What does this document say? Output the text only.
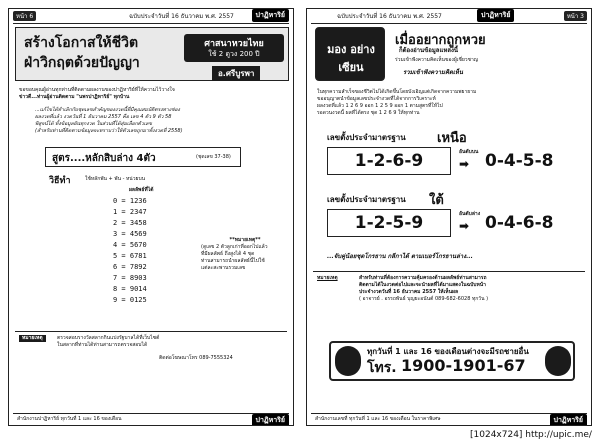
หน้า 6	ฉบับประจำวันที่ 16 ธันวาคม พ.ศ. 2557	ปาฏิหาริย์
สร้างโอกาสให้ชีวิต
ฝ่าวิกฤตด้วยปัญญา
ศาสนาหวยไทย
ใช้ 2 ดูวง 200 ปี
อ.ศรีบูรพา
ขอขอบคุณผู้อ่านทุกท่านที่ติดตามผลงานของปาฏิหาริย์ที่ให้ความไว้วางใจ
ข่าวดี...ท่านผู้อ่านติดตาม "นพรปาฏิหาริย์" ทุกบ้าน
...แก้ไขได้ทำเลิกกับชุดเลขสำคัญของงวดนี้ที่มีคุณสมบัติตรงทางช่อง
ผลงวดที่แล้ว งวดวันที่ 1 ธันวาคม 2557 คือ เลข 4 ตัว 9 ตัว 58
พิสูจน์ได้ ทั้งข้อมูลยันทุกงวด ในส่วนที่ได้สุ่มเลือกตัวเลข
(สำหรับท่านที่ติดตามข้อมูลจะทราบว่าให้ตัวเลขถูกมาทั้งงวดที่ 2558)
สูตร....หลักสิบล่าง 4ตัว	(ชุดเลข 37-38)
วิธีทำ	ใช้หลักพัน + พัน - หน่วยบน
ผลลัพธ์ที่ได้
0 = 1236
1 = 2347
2 = 3458
3 = 4569
4 = 5670
5 = 6781
6 = 7892
7 = 8903
8 = 9014
9 = 0125
**หมายเหตุ**
(ดูเลข 2 ตัวลูกเก่าที่ออกไปแล้ว
ที่มีผลลัพธ์ ถึงสูงได้ 4 ชุด
ท่านสามารถนำผลลัพธ์นี้ไปใช้
แต่ละสะพานรวมเลข
หมายเหตุ	ตรวจสอบรางวัลสลากกินแบ่งรัฐบาลได้ที่เว็บไซต์
ในสลากที่ท่านได้ท่านสามารถตรวจสอบได้
ติดต่อโฆษณาโทร 089-7555324
สำนักงานปาฏิหาริย์ ทุกวันที่ 1 และ 16 ของเดือน	ปาฏิหาริย์
ฉบับประจำวันที่ 16 ธันวาคม พ.ศ. 2557	ปาฏิหาริย์	หน้า 3
มอง อย่างเซียน
เมื่ออยากถูกหวย
ก็ต้องอ่านข้อมูลแหล่งนี้
ร่วมเข้าฟังความคิดเห็นของผู้เชี่ยวชาญ
รวมเข้าฟังความคิดเห็น
ในทุกความสำเร็จของชีวิตไม่ได้เกิดขึ้นโดยบังเอิญแต่เกิดจากความพยายาม
ขออนุญาตนำข้อมูลเลขประจำงวดที่ได้จากการวิเคราะห์
ผลงวดที่แล้ว 1 2 6 9 ออก 1 2 5 9 ออก 1 ตามสูตรที่ให้ไป
รอดวนงวดนี้ ผลที่ได้ตรง ชุด 1 2 6 9 ให้ทุกท่าน
เลขตั้งประจำมาตรฐาน เหนือ
1-2-6-9	อันดับบน
➡ 0-4-5-8
เลขตั้งประจำมาตรฐาน ใต้
1-2-5-9	อันดับล่าง
➡ 0-4-6-8
...จับคู่น้อยชุดโกรธาน กลีกาได้ ตามเบอร์โกรธานล่าง...
หมายเหตุ	สำหรับท่านที่ต้องการความคุ้มครองด้านผลลัพธ์ท่านสามารถ
ติดตามได้ในงวดต่อไปและจะนำผลที่ได้มาแสดงในฉบับหน้า
ประจำงวดวันที่ 16 ธันวาคม 2557 ให้เห็นผล
( อาจารย์ . อรรถพันธ์ บุญยะอนันต์ 089-682-6028 ทุกวัน )
ทุกวันที่ 1 และ 16 ของเดือนต่างจะมีรถชายอื่น
โทร. 1900-1901-67
สำนักงานเลขที่ ทุกวันที่ 1 และ 16 ของเดือน ในราคาพิเศษ	ปาฏิหาริย์
[1024x724] http://upic.me/
